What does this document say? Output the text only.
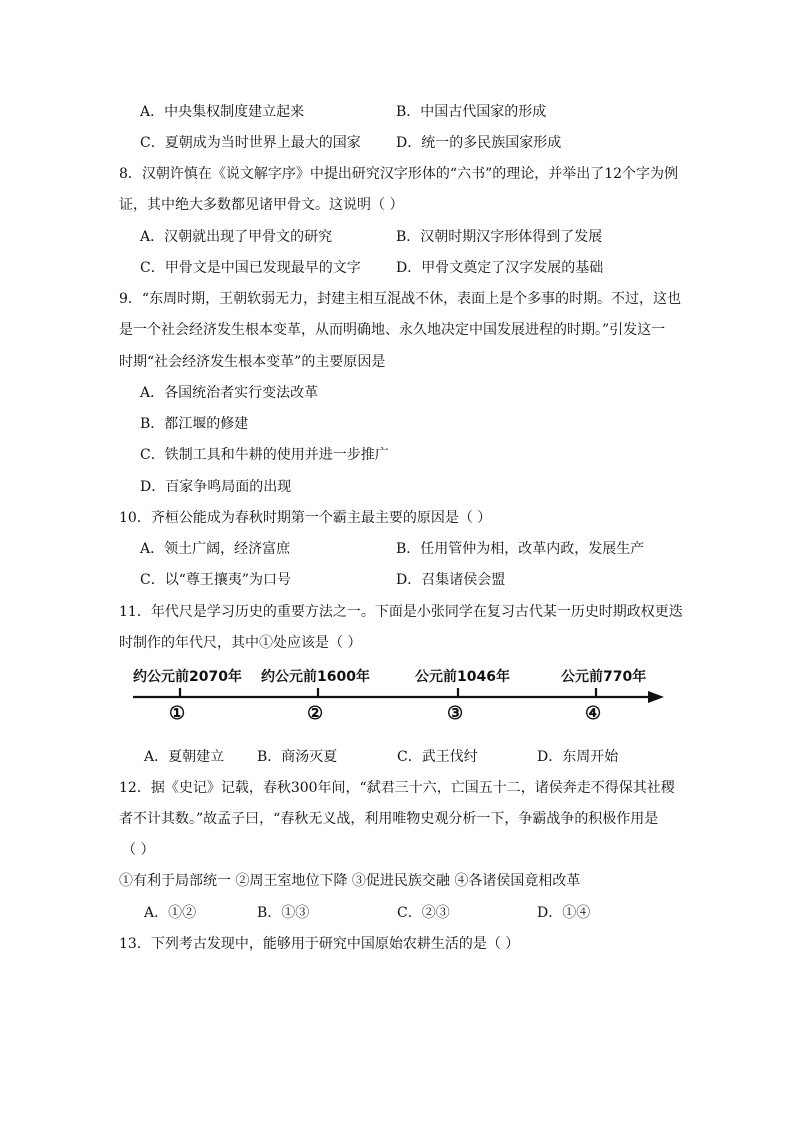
A．中央集权制度建立起来	B．中国古代国家的形成
C．夏朝成为当时世界上最大的国家	D．统一的多民族国家形成
8．汉朝许慎在《说文解字序》中提出研究汉字形体的“六书”的理论，并举出了12个字为例
证，其中绝大多数都见诸甲骨文。这说明（ ）
A．汉朝就出现了甲骨文的研究	B．汉朝时期汉字形体得到了发展
C．甲骨文是中国已发现最早的文字	D．甲骨文奠定了汉字发展的基础
9．“东周时期，王朝软弱无力，封建主相互混战不休，表面上是个多事的时期。不过，这也
是一个社会经济发生根本变革，从而明确地、永久地决定中国发展进程的时期。”引发这一
时期“社会经济发生根本变革”的主要原因是
A．各国统治者实行变法改革
B．都江堰的修建
C．铁制工具和牛耕的使用并进一步推广
D．百家争鸣局面的出现
10．齐桓公能成为春秋时期第一个霸主最主要的原因是（ ）
A．领土广阔，经济富庶	B．任用管仲为相，改革内政，发展生产
C．以“尊王攘夷”为口号	D．召集诸侯会盟
11．年代尺是学习历史的重要方法之一。下面是小张同学在复习古代某一历史时期政权更迭
时制作的年代尺，其中①处应该是（ ）
约公元前2070年 约公元前1600年	公元前1046年	公元前770年
①	②	③	④
A．夏朝建立 B．商汤灭夏	C．武王伐纣	D．东周开始
12．据《史记》记载，春秋300年间，“弑君三十六，亡国五十二，诸侯奔走不得保其社稷
者不计其数。”故孟子曰，“春秋无义战，利用唯物史观分析一下，争霸战争的积极作用是
（ ）
①有利于局部统一 ②周王室地位下降 ③促进民族交融 ④各诸侯国竟相改革
A．①②	B．①③	C．②③	D．①④
13．下列考古发现中，能够用于研究中国原始农耕生活的是（ ）
